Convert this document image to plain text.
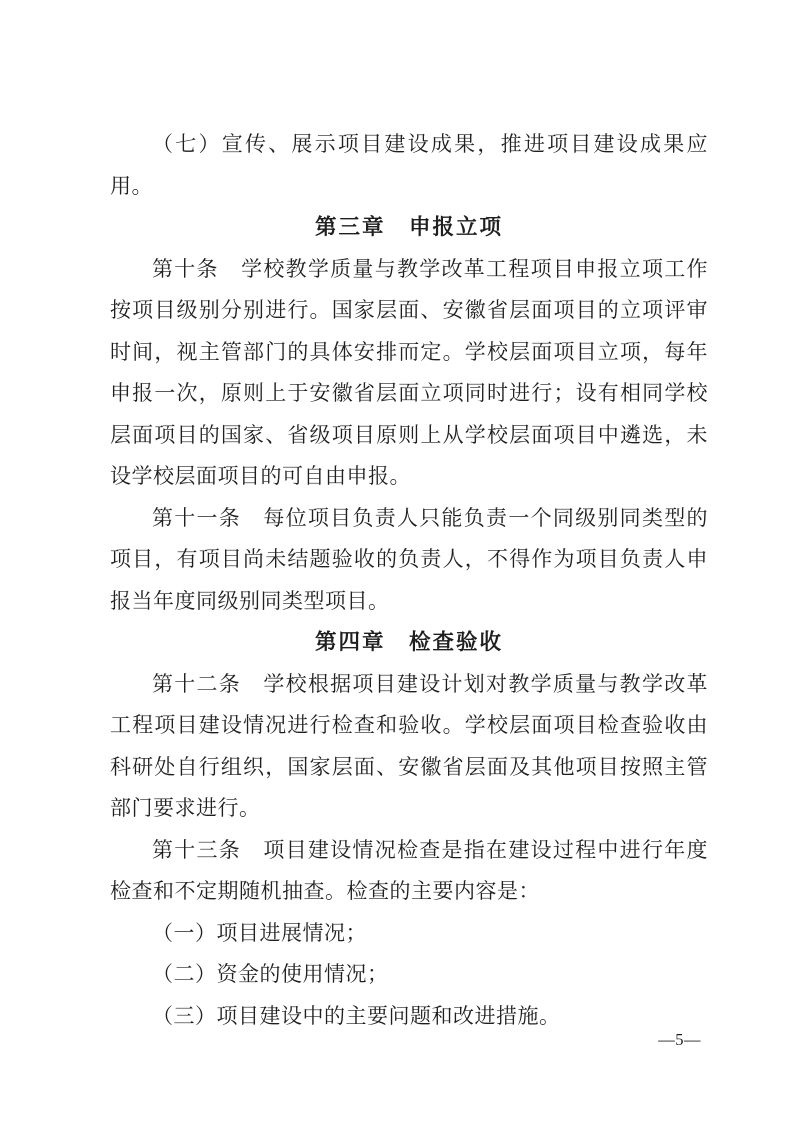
（七）宣传、展示项目建设成果，推进项目建设成果应用。

第三章　申报立项

第十条　学校教学质量与教学改革工程项目申报立项工作按项目级别分别进行。国家层面、安徽省层面项目的立项评审时间，视主管部门的具体安排而定。学校层面项目立项，每年申报一次，原则上于安徽省层面立项同时进行；设有相同学校层面项目的国家、省级项目原则上从学校层面项目中遴选，未设学校层面项目的可自由申报。

第十一条　每位项目负责人只能负责一个同级别同类型的项目，有项目尚未结题验收的负责人，不得作为项目负责人申报当年度同级别同类型项目。

第四章　检查验收

第十二条　学校根据项目建设计划对教学质量与教学改革工程项目建设情况进行检查和验收。学校层面项目检查验收由科研处自行组织，国家层面、安徽省层面及其他项目按照主管部门要求进行。

第十三条　项目建设情况检查是指在建设过程中进行年度检查和不定期随机抽查。检查的主要内容是：

（一）项目进展情况；

（二）资金的使用情况；

（三）项目建设中的主要问题和改进措施。

—5—
